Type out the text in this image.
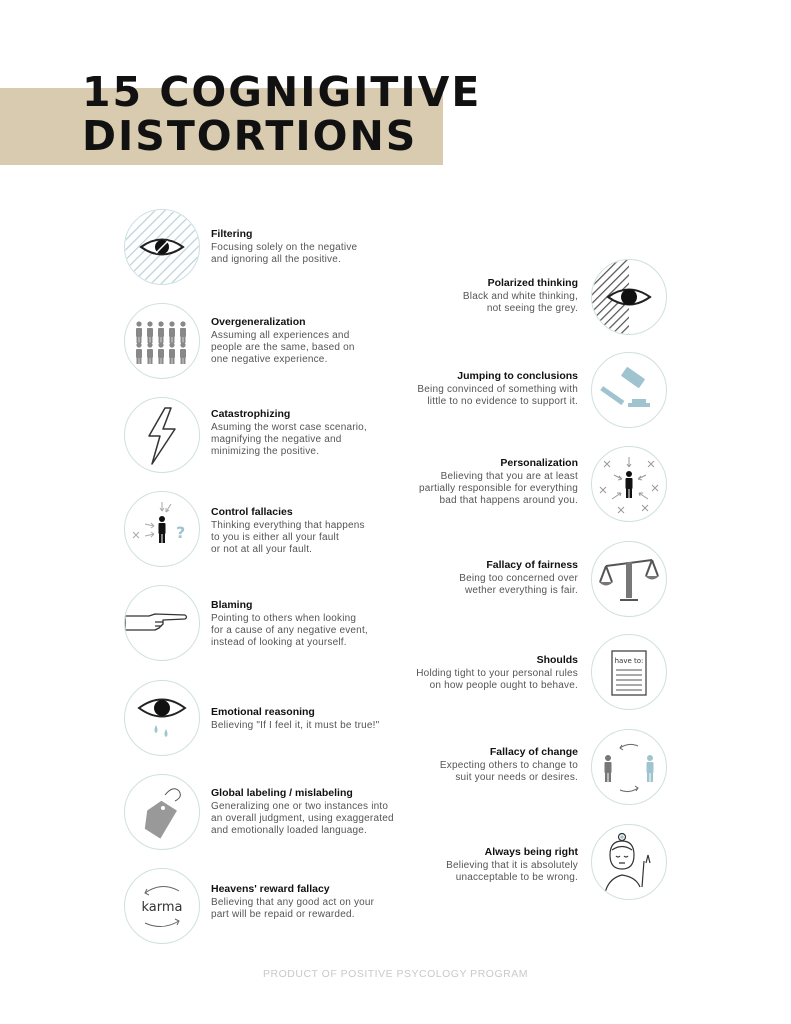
15 COGNIGITIVE
DISTORTIONS

Filtering

Focusing solely on the negative
and ignoring all the positive.

Polarized thinking

Black and white thinking,
not seeing the grey.

Overgeneralization

Assuming all experiences and
people are the same, based on
one negative experience.

Jumping to conclusions

Being convinced of something with
little to no evidence to support it.

Catastrophizing

Asuming the worst case scenario,
magnifying the negative and
minimizing the positive.

Personalization

Believing that you are at least
partially responsible for everything
bad that happens around you.

?

Control fallacies

Thinking everything that happens
to you is either all your fault
or not at all your fault.

Fallacy of fairness

Being too concerned over
wether everything is fair.

Blaming

Pointing to others when looking
for a cause of any negative event,
instead of looking at yourself.

have to:

Shoulds

Holding tight to your personal rules
on how people ought to behave.

Emotional reasoning

Believing "If I feel it, it must be true!"

Fallacy of change

Expecting others to change to
suit your needs or desires.

Global labeling / mislabeling

Generalizing one or two instances into
an overall judgment, using exaggerated
and emotionally loaded language.

Always being right

Believing that it is absolutely
unacceptable to be wrong.

karma

Heavens' reward fallacy

Believing that any good act on your
part will be repaid or rewarded.

PRODUCT OF POSITIVE PSYCOLOGY PROGRAM
